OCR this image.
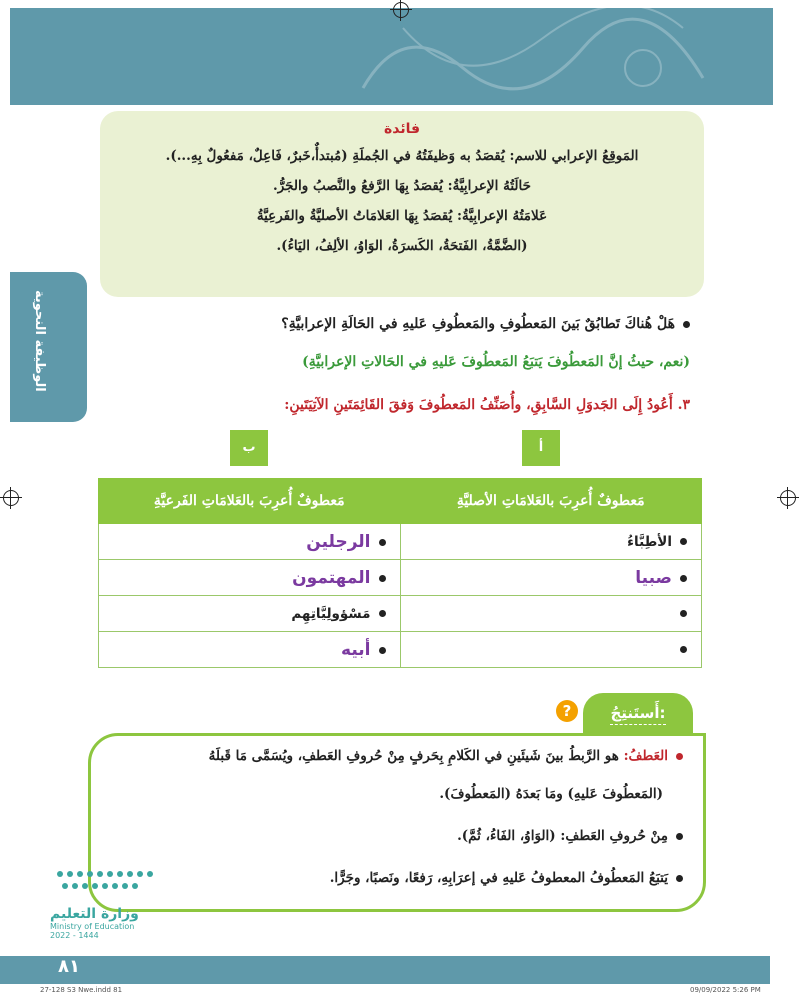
الوظيفة النحوية
فائدة
المَوقِعُ الإعرابي للاسم: يُقصَدُ به وَظيفَتُهُ في الجُملَةِ (مُبتدأٌ،خَبرٌ، فَاعِلٌ، مَفعُولٌ بِهِ...).
حَالَتُهُ الإعرابِيَّةُ: يُقصَدُ بِهَا الرَّفعُ والنَّصبُ والجَرُّ.
عَلامَتُهُ الإعرابِيَّةُ: يُقصَدُ بِهَا العَلامَاتُ الأصليَّةُ والفَرعِيَّةُ
(الضَّمَّةُ، الفَتحَةُ، الكَسرَةُ، الوَاوُ، الألِفُ، اليَاءُ).
هَلْ هُناكَ تَطابُقٌ بَينَ المَعطُوفِ والمَعطُوفِ عَليهِ في الحَالَةِ الإعرابيَّةِ؟
(نعم، حيثُ إنَّ المَعطُوفَ يَتبَعُ المَعطُوفَ عَليهِ في الحَالاتِ الإعرابيَّةِ)
٣. أَعُودُ إِلَى الجَدوَلِ السَّابِقِ، وأُصَنِّفُ المَعطُوفَ وَفقَ القَائِمَتَينِ الآتِيَتَينِ:
أ
ب
مَعطوفٌ أُعرِبَ بالعَلامَاتِ الأصليَّةِ	مَعطوفٌ أُعرِبَ بالعَلامَاتِ الفَرعيَّةِ
الأطِبَّاءُ	الرجلين
صبيا	المهتمون
	مَسْؤولِيَّاتِهِم
	أبيه
أَستَنتِجُ:
?
العَطفُ: هو الرَّبطُ بينَ شَيئَينِ في الكَلامِ بِحَرفٍ مِنْ حُروفِ العَطفِ، ويُسَمَّى مَا قَبلَهُ
(المَعطُوفَ عَليهِ) ومَا بَعدَهُ (المَعطُوفَ).
مِنْ حُروفِ العَطفِ: (الوَاوُ، الفَاءُ، ثُمَّ).
يَتبَعُ المَعطُوفُ المعطوفُ عَليهِ في إعرَابِهِ، رَفعًا، ونَصبًا، وجَرًّا.
وزارة التعليم
Ministry of Education
2022 - 1444
٨١
27-128 S3 Nwe.indd 81	09/09/2022 5:26 PM
